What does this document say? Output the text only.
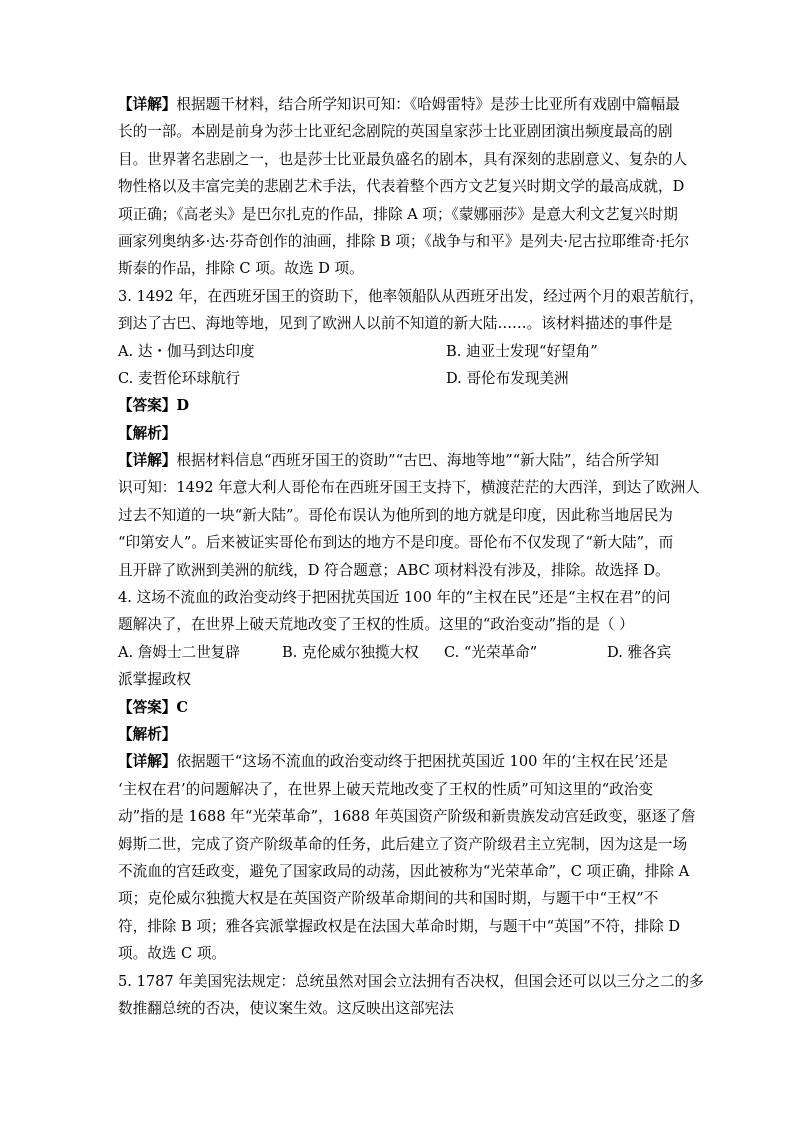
【详解】根据题干材料，结合所学知识可知：《哈姆雷特》是莎士比亚所有戏剧中篇幅最
长的一部。本剧是前身为莎士比亚纪念剧院的英国皇家莎士比亚剧团演出频度最高的剧
目。世界著名悲剧之一，也是莎士比亚最负盛名的剧本，具有深刻的悲剧意义、复杂的人
物性格以及丰富完美的悲剧艺术手法，代表着整个西方文艺复兴时期文学的最高成就，D
项正确；《高老头》是巴尔扎克的作品，排除 A 项；《蒙娜丽莎》是意大利文艺复兴时期
画家列奥纳多·达·芬奇创作的油画，排除 B 项；《战争与和平》是列夫·尼古拉耶维奇·托尔
斯泰的作品，排除 C 项。故选 D 项。
3. 1492 年，在西班牙国王的资助下，他率领船队从西班牙出发，经过两个月的艰苦航行，
到达了古巴、海地等地，见到了欧洲人以前不知道的新大陆……。该材料描述的事件是
A. 达・伽马到达印度	B. 迪亚士发现“好望角”
C. 麦哲伦环球航行	D. 哥伦布发现美洲
【答案】D
【解析】
【详解】根据材料信息“西班牙国王的资助”“古巴、海地等地”“新大陆”，结合所学知
识可知：1492 年意大利人哥伦布在西班牙国王支持下，横渡茫茫的大西洋，到达了欧洲人
过去不知道的一块“新大陆”。哥伦布误认为他所到的地方就是印度，因此称当地居民为
“印第安人”。后来被证实哥伦布到达的地方不是印度。哥伦布不仅发现了“新大陆”，而
且开辟了欧洲到美洲的航线，D 符合题意；ABC 项材料没有涉及，排除。故选择 D。
4. 这场不流血的政治变动终于把困扰英国近 100 年的“主权在民”还是“主权在君”的问
题解决了，在世界上破天荒地改变了王权的性质。这里的“政治变动”指的是（ ）
A. 詹姆士二世复辟	B. 克伦威尔独揽大权 C. “光荣革命”	D. 雅各宾
派掌握政权
【答案】C
【解析】
【详解】依据题干“这场不流血的政治变动终于把困扰英国近 100 年的‘主权在民’还是
‘主权在君’的问题解决了，在世界上破天荒地改变了王权的性质”可知这里的“政治变
动”指的是 1688 年“光荣革命”，1688 年英国资产阶级和新贵族发动宫廷政变，驱逐了詹
姆斯二世，完成了资产阶级革命的任务，此后建立了资产阶级君主立宪制，因为这是一场
不流血的宫廷政变，避免了国家政局的动荡，因此被称为“光荣革命”，C 项正确，排除 A
项；克伦威尔独揽大权是在英国资产阶级革命期间的共和国时期，与题干中“王权”不
符，排除 B 项；雅各宾派掌握政权是在法国大革命时期，与题干中“英国”不符，排除 D
项。故选 C 项。
5. 1787 年美国宪法规定：总统虽然对国会立法拥有否决权，但国会还可以以三分之二的多
数推翻总统的否决，使议案生效。这反映出这部宪法
